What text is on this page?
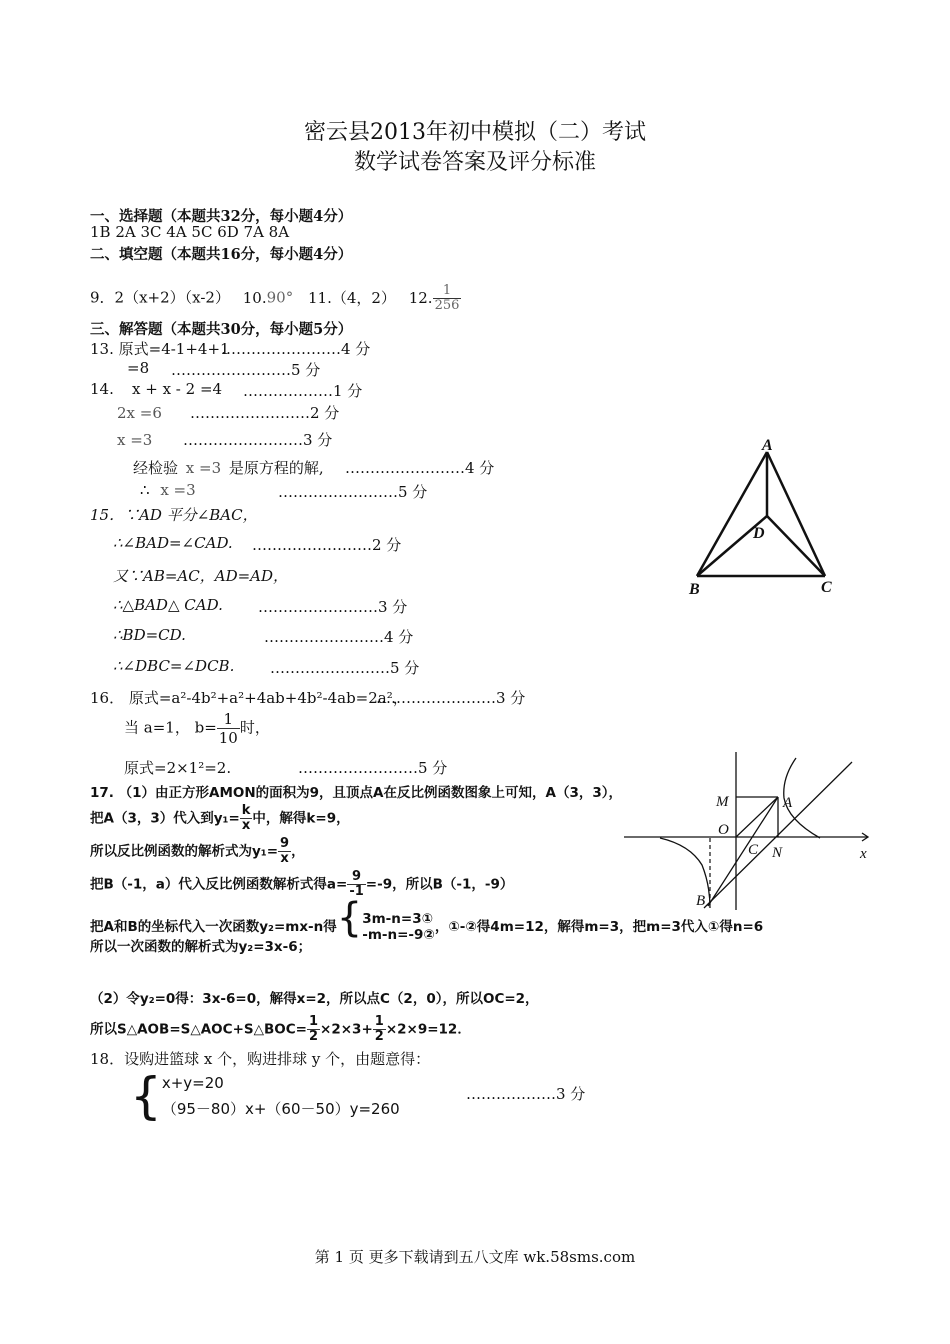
密云县2013年初中模拟（二）考试
数学试卷答案及评分标准
一、选择题（本题共32分，每小题4分）
1B 2A 3C 4A 5C 6D 7A 8A
二、填空题（本题共16分，每小题4分）
9．2（x+2）（x-2） 10.90° 11.（4，2） 12. $\frac{1}{256}$
三、解答题（本题共30分，每小题5分）
13. 原式=4-1+4+1
……………………4 分
=8 ……………………5 分
14. x + x - 2 =4 ………………1 分
2x =6 ……………………2 分
x =3 ……………………3 分
经检验 x =3 是原方程的解, ……………………4 分
∴ x =3	……………………5 分
15．∵AD 平分∠BAC，
∴∠BAD=∠CAD. ……………………2 分
又∵AB=AC，AD=AD，
∴△BAD△ CAD. ……………………3 分
∴BD=CD.	……………………4 分
∴∠DBC=∠DCB. ……………………5 分
A
B	C
D
16． 原式=a²-4b²+a²+4ab+4b²-4ab=2a²，
……………………3 分
当 a=1， $b= \frac{1}{10}$ 时，
原式=2×1²=2.	……………………5 分
17. （1）由正方形AMON的面积为9，且顶点A在反比例函数图象上可知，A（3，3），
把A（3，3）代入到$y_1= \frac{k}{x}$ 中，解得k=9，
所以反比例函数的解析式为$y_1= \frac{9}{x}$ ，
把B（-1，a）代入反比例函数解析式得$a= \frac{9}{-1} =-9$，所以B（-1，-9）
把A和B的坐标代入一次函数y₂=mx-n得{ 3m-n=3①
-m-n=-9② ，①-②得4m=12，解得m=3，把m=3代入①得n=6
所以一次函数的解析式为y₂=3x-6；
（2）令y₂=0得：3x-6=0，解得x=2，所以点C（2，0），所以OC=2，
所以S△AOB=S△AOC+S△BOC= $\frac{1}{2} \times 2\times 3+ \frac{1}{2} \times 2\times 9=12$．
M	A
O
C N	x
B
18．设购进篮球 x 个，购进排球 y 个，由题意得：
{ x+y=20
（95－80）x+（60－50）y=260
………………3 分
第 1 页 更多下载请到五八文库 wk.58sms.com
